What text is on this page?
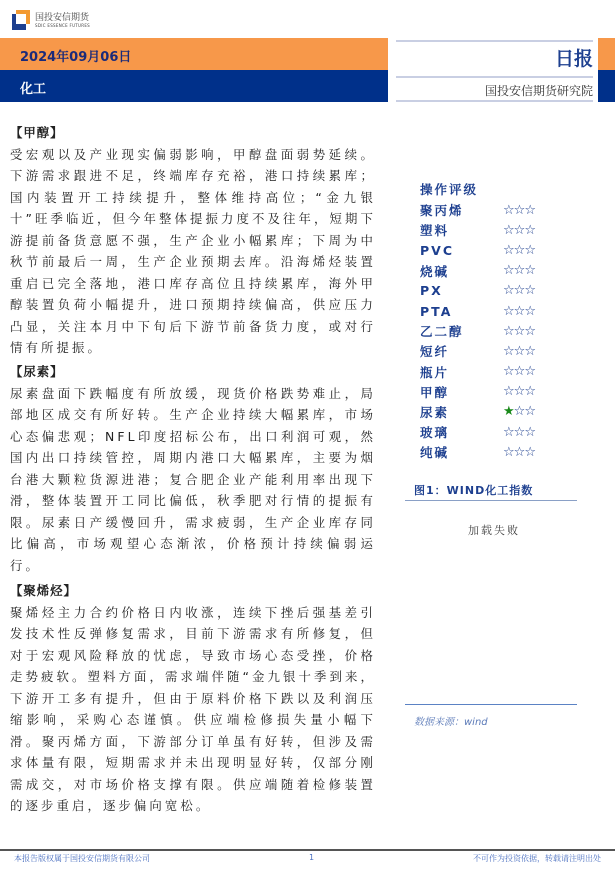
国投安信期货
SDIC ESSENCE FUTURES
2024年09月06日
化工
日报
国投安信期货研究院
【甲醇】
受宏观以及产业现实偏弱影响，甲醇盘面弱势延续。下游需求跟进不足，终端库存充裕，港口持续累库；国内装置开工持续提升，整体维持高位；“金九银十”旺季临近，但今年整体提振力度不及往年，短期下游提前备货意愿不强，生产企业小幅累库；下周为中秋节前最后一周，生产企业预期去库。沿海烯烃装置重启已完全落地，港口库存高位且持续累库，海外甲醇装置负荷小幅提升，进口预期持续偏高，供应压力凸显，关注本月中下旬后下游节前备货力度，或对行情有所提振。
【尿素】
尿素盘面下跌幅度有所放缓，现货价格跌势难止，局部地区成交有所好转。生产企业持续大幅累库，市场心态偏悲观；NFL印度招标公布，出口利润可观，然国内出口持续管控，周期内港口大幅累库，主要为烟台港大颗粒货源进港；复合肥企业产能利用率出现下滑，整体装置开工同比偏低，秋季肥对行情的提振有限。尿素日产缓慢回升，需求疲弱，生产企业库存同比偏高，市场观望心态渐浓，价格预计持续偏弱运行。
【聚烯烃】
聚烯烃主力合约价格日内收涨，连续下挫后强基差引发技术性反弹修复需求，目前下游需求有所修复，但对于宏观风险释放的忧虑，导致市场心态受挫，价格走势疲软。塑料方面，需求端伴随“金九银十季到来，下游开工多有提升，但由于原料价格下跌以及利润压缩影响，采购心态谨慎。供应端检修损失量小幅下滑。聚丙烯方面，下游部分订单虽有好转，但涉及需求体量有限，短期需求并未出现明显好转，仅部分刚需成交，对市场价格支撑有限。供应端随着检修装置的逐步重启，逐步偏向宽松。
操作评级
聚丙烯	☆☆☆
塑料	☆☆☆
PVC	☆☆☆
烧碱	☆☆☆
PX	☆☆☆
PTA	☆☆☆
乙二醇	☆☆☆
短纤	☆☆☆
瓶片	☆☆☆
甲醇	☆☆☆
尿素	★☆☆
玻璃	☆☆☆
纯碱	☆☆☆
图1：WIND化工指数
加载失败
数据来源：wind
本报告版权属于国投安信期货有限公司	1	不可作为投资依据，转载请注明出处
